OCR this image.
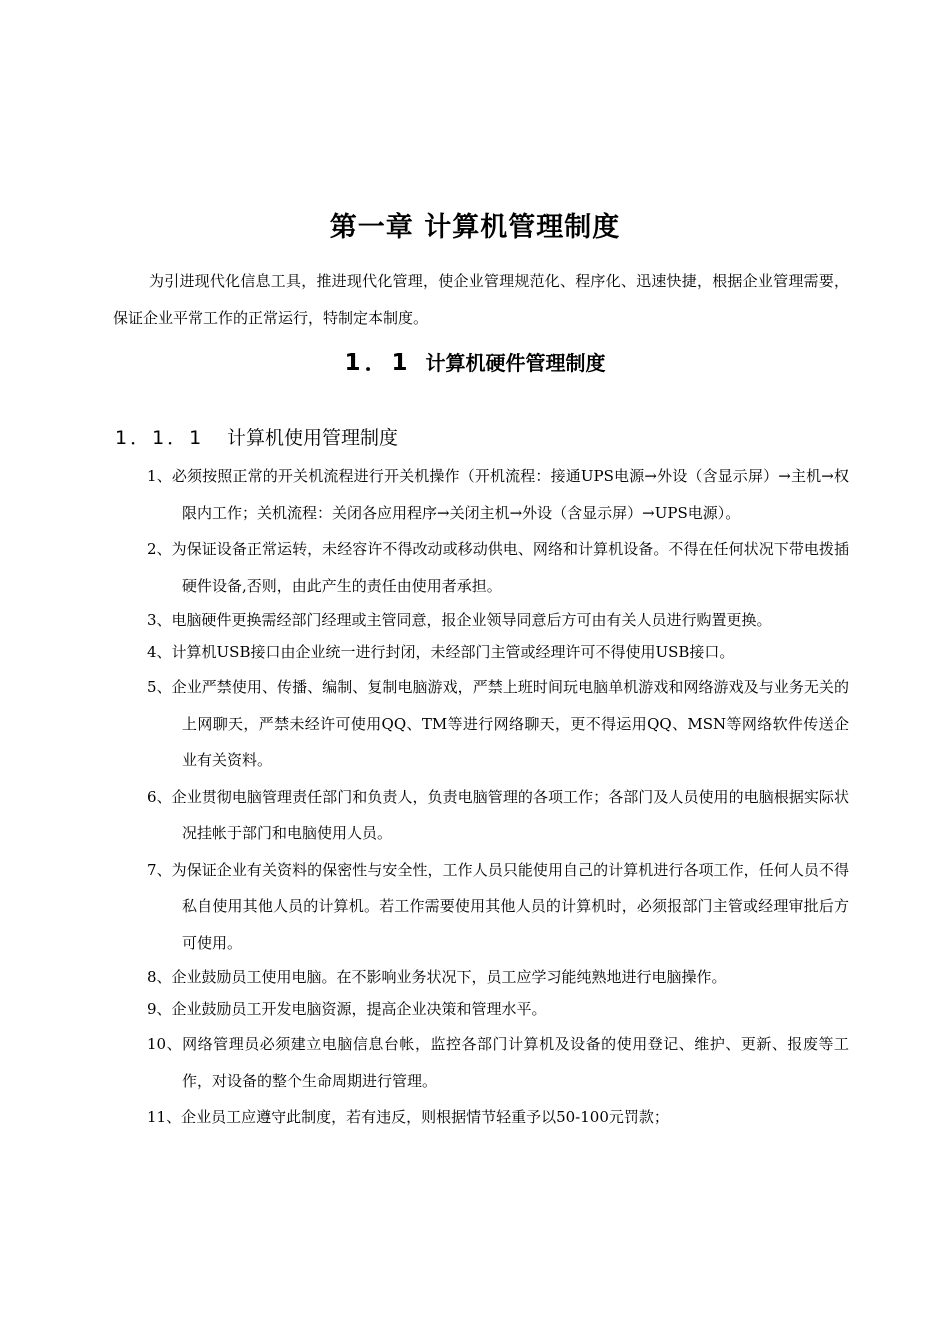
第一章 计算机管理制度

为引进现代化信息工具，推进现代化管理，使企业管理规范化、程序化、迅速快捷，根据企业管理需要，保证企业平常工作的正常运行，特制定本制度。

1．1 计算机硬件管理制度
1．1．1 计算机使用管理制度
1、必须按照正常的开关机流程进行开关机操作（开机流程：接通UPS电源→外设（含显示屏）→主机→权限内工作；关机流程：关闭各应用程序→关闭主机→外设（含显示屏）→UPS电源）。
2、为保证设备正常运转，未经容许不得改动或移动供电、网络和计算机设备。不得在任何状况下带电拨插硬件设备,否则，由此产生的责任由使用者承担。
3、电脑硬件更换需经部门经理或主管同意，报企业领导同意后方可由有关人员进行购置更换。
4、计算机USB接口由企业统一进行封闭，未经部门主管或经理许可不得使用USB接口。
5、企业严禁使用、传播、编制、复制电脑游戏，严禁上班时间玩电脑单机游戏和网络游戏及与业务无关的上网聊天，严禁未经许可使用QQ、TM等进行网络聊天，更不得运用QQ、MSN等网络软件传送企业有关资料。
6、企业贯彻电脑管理责任部门和负责人，负责电脑管理的各项工作；各部门及人员使用的电脑根据实际状况挂帐于部门和电脑使用人员。
7、为保证企业有关资料的保密性与安全性，工作人员只能使用自己的计算机进行各项工作，任何人员不得私自使用其他人员的计算机。若工作需要使用其他人员的计算机时，必须报部门主管或经理审批后方可使用。
8、企业鼓励员工使用电脑。在不影响业务状况下，员工应学习能纯熟地进行电脑操作。
9、企业鼓励员工开发电脑资源，提高企业决策和管理水平。
10、网络管理员必须建立电脑信息台帐，监控各部门计算机及设备的使用登记、维护、更新、报废等工作，对设备的整个生命周期进行管理。
11、企业员工应遵守此制度，若有违反，则根据情节轻重予以50-100元罚款；
